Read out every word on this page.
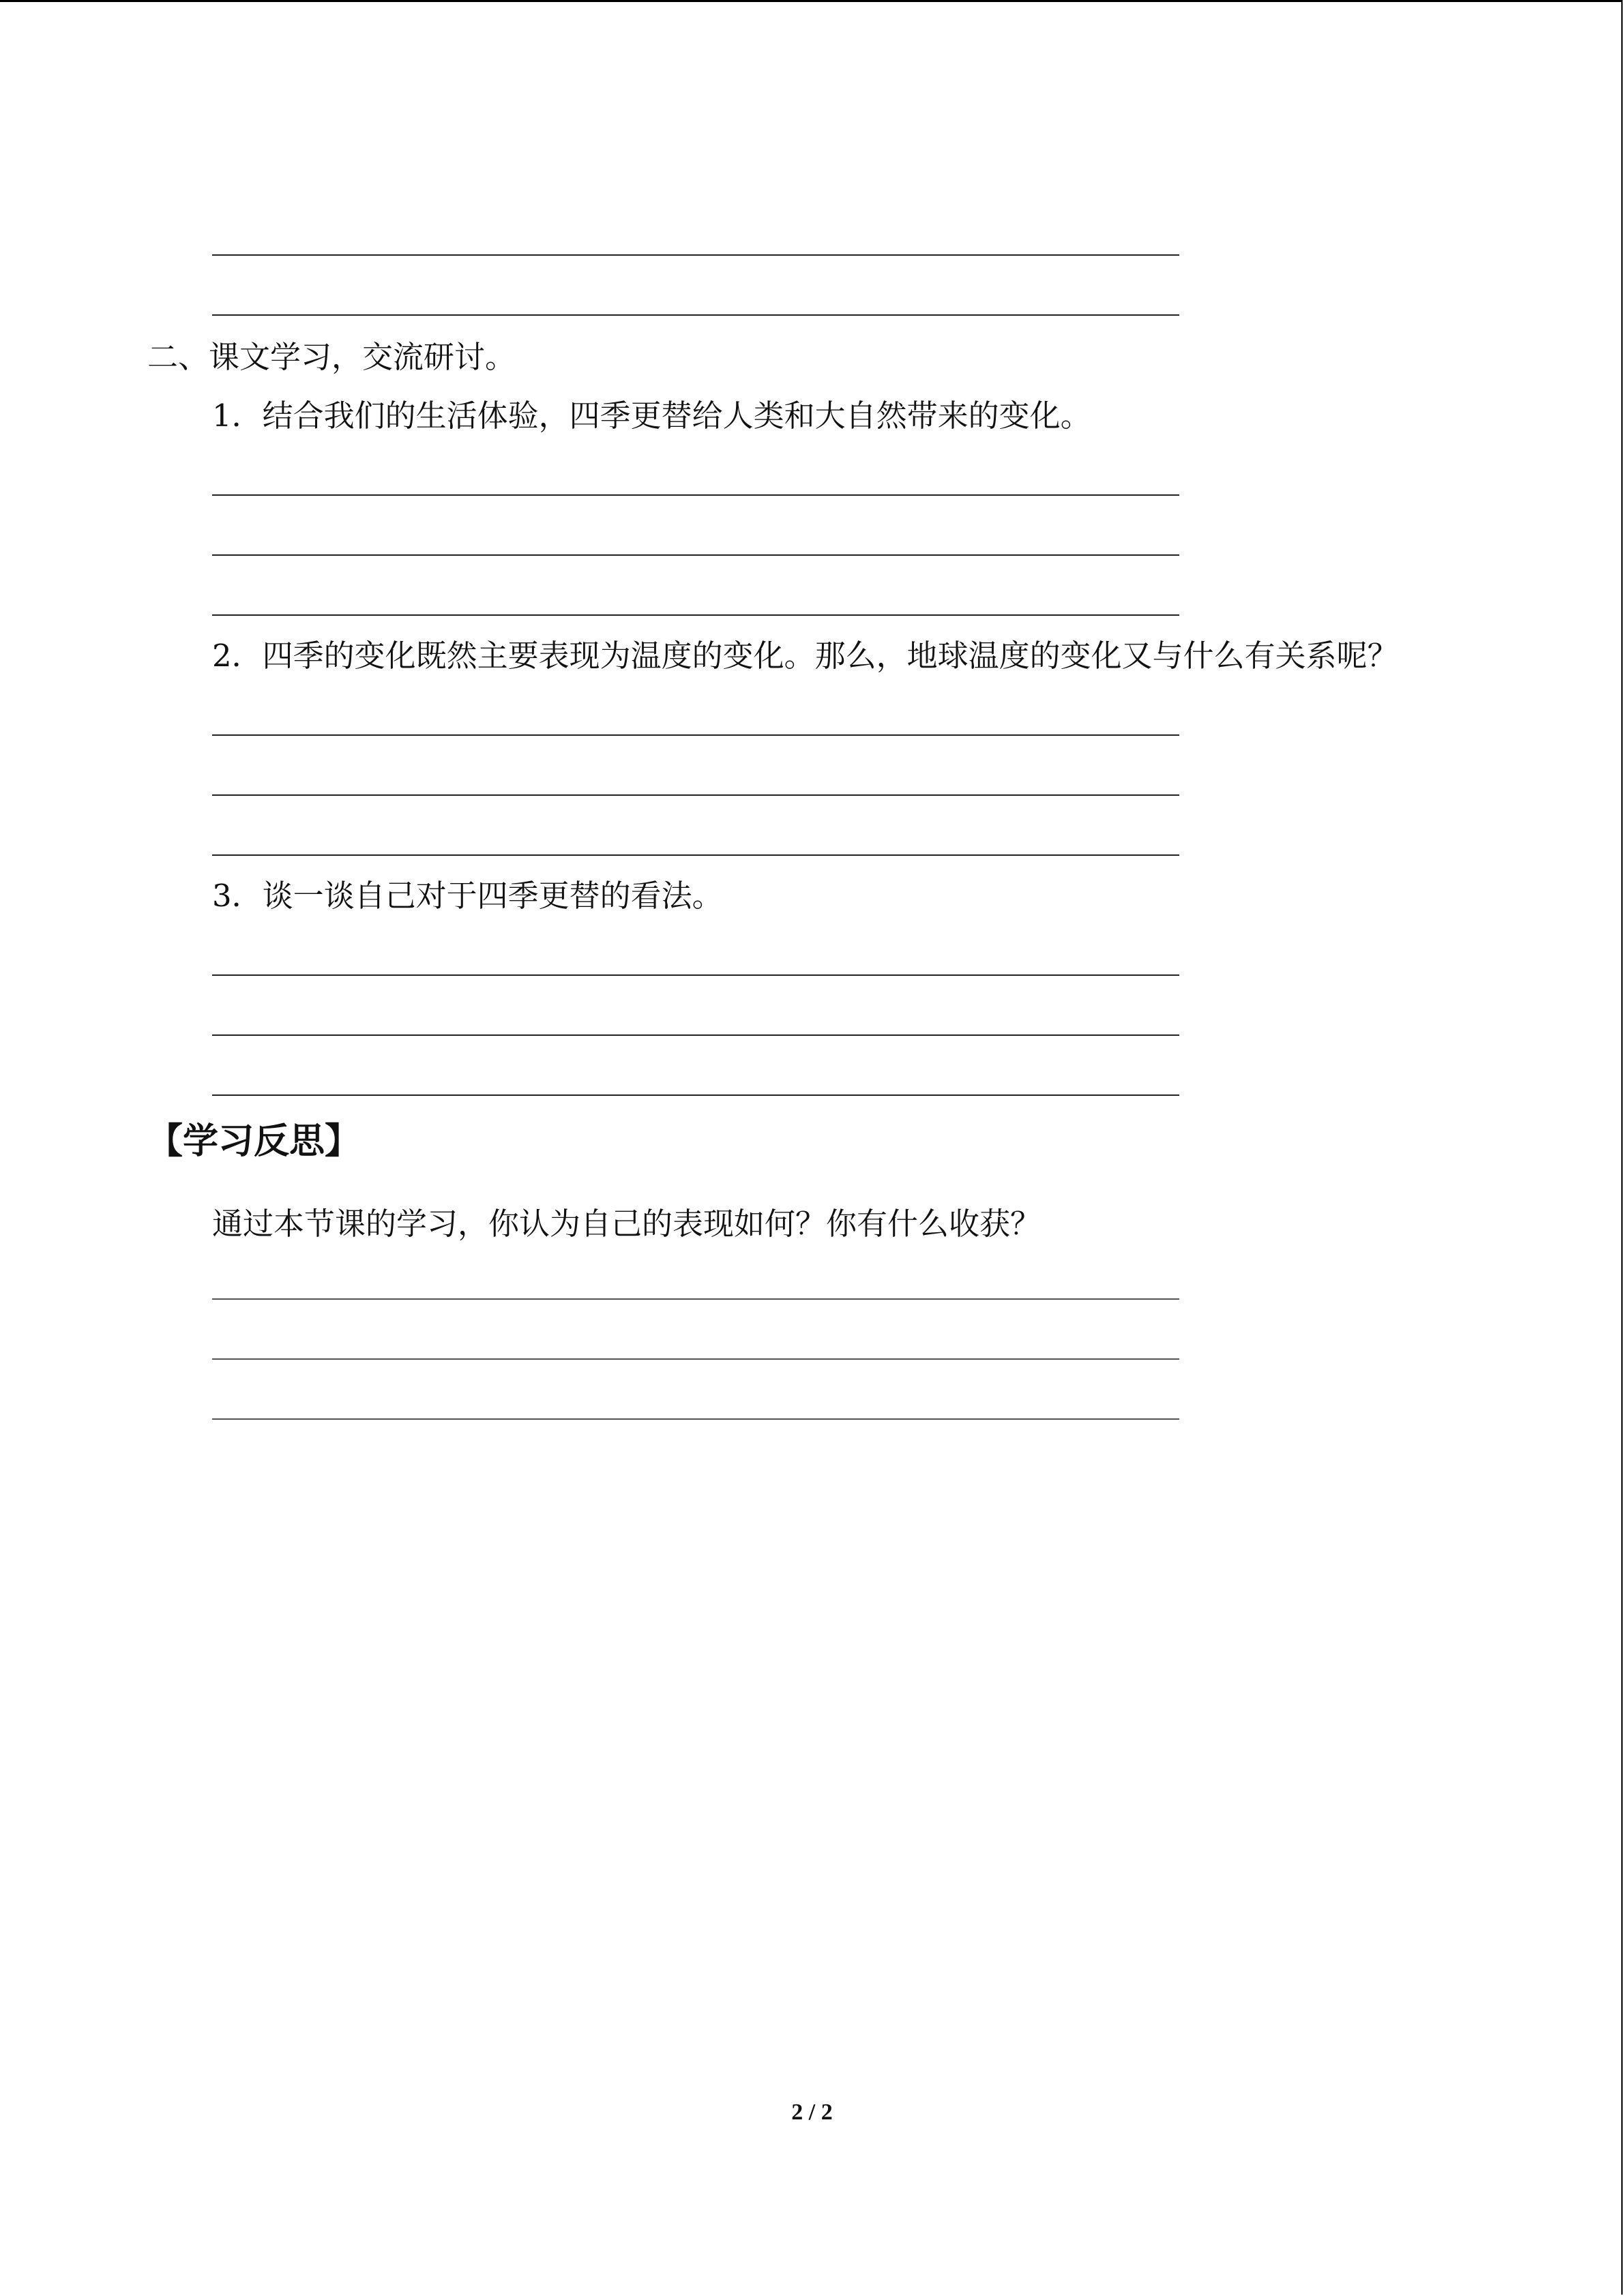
二、课文学习，交流研讨。
1．结合我们的生活体验，四季更替给人类和大自然带来的变化。
2．四季的变化既然主要表现为温度的变化。那么，地球温度的变化又与什么有关系呢？
3．谈一谈自己对于四季更替的看法。
【学习反思】
通过本节课的学习，你认为自己的表现如何？你有什么收获？
2 / 2
